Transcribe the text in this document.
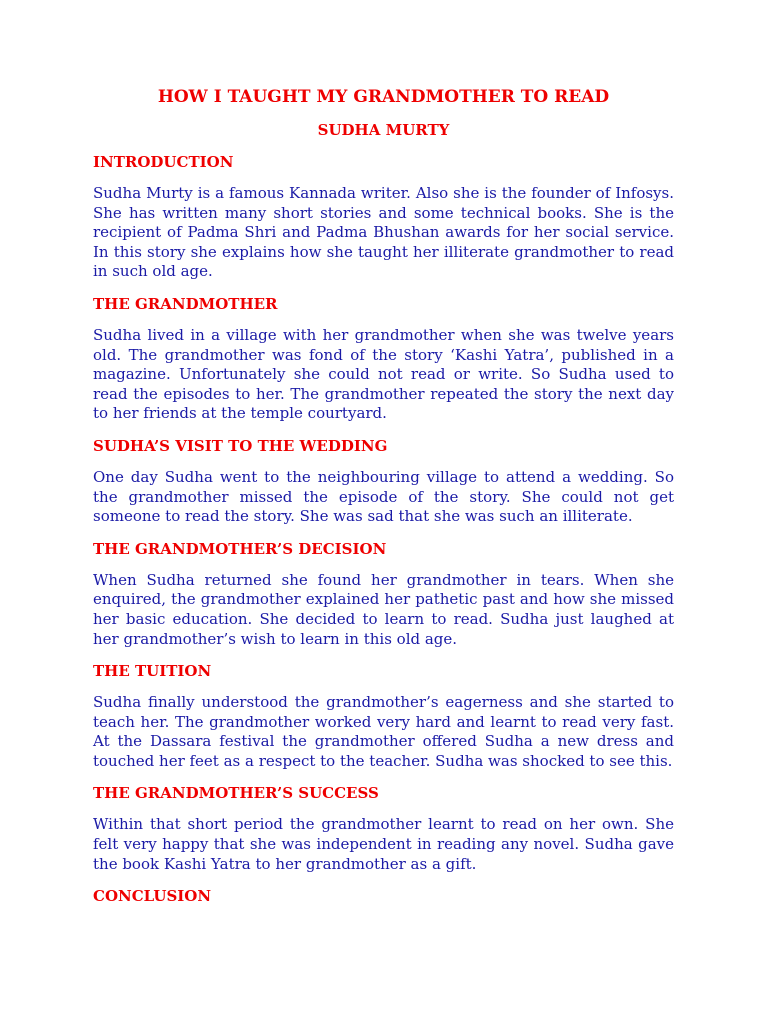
HOW I TAUGHT MY GRANDMOTHER TO READ
SUDHA MURTY
INTRODUCTION

Sudha Murty is a famous Kannada writer. Also she is the founder of Infosys. She has written many short stories and some technical books. She is the recipient of Padma Shri and Padma Bhushan awards for her social service. In this story she explains how she taught her illiterate grandmother to read in such old age.

THE GRANDMOTHER

Sudha lived in a village with her grandmother when she was twelve years old. The grandmother was fond of the story ‘Kashi Yatra’, published in a magazine. Unfortunately she could not read or write. So Sudha used to read the episodes to her. The grandmother repeated the story the next day to her friends at the temple courtyard.

SUDHA’S VISIT TO THE WEDDING

One day Sudha went to the neighbouring village to attend a wedding. So the grandmother missed the episode of the story. She could not get someone to read the story. She was sad that she was such an illiterate.

THE GRANDMOTHER’S DECISION

When Sudha returned she found her grandmother in tears. When she enquired, the grandmother explained her pathetic past and how she missed her basic education. She decided to learn to read. Sudha just laughed at her grandmother’s wish to learn in this old age.

THE TUITION

Sudha finally understood the grandmother’s eagerness and she started to teach her. The grandmother worked very hard and learnt to read very fast. At the Dassara festival the grandmother offered Sudha a new dress and touched her feet as a respect to the teacher. Sudha was shocked to see this.

THE GRANDMOTHER’S SUCCESS

Within that short period the grandmother learnt to read on her own. She felt very happy that she was independent in reading any novel. Sudha gave the book Kashi Yatra to her grandmother as a gift.

CONCLUSION
